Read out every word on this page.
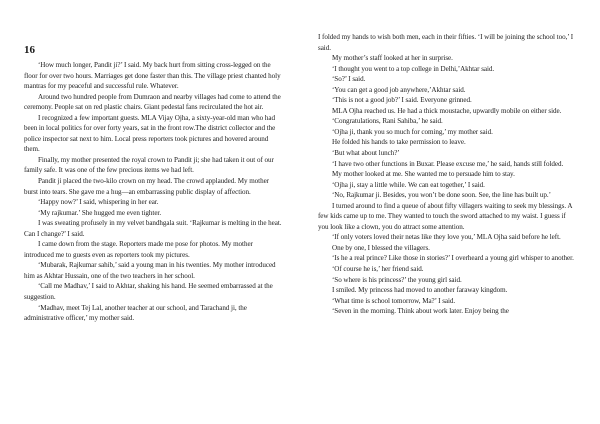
16

‘How much longer, Pandit ji?’ I said. My back hurt from sitting cross-legged on the floor for over two hours. Marriages get done faster than this. The village priest chanted holy mantras for my peaceful and successful rule. Whatever.

Around two hundred people from Dumraon and nearby villages had come to attend the ceremony. People sat on red plastic chairs. Giant pedestal fans recirculated the hot air.

I recognized a few important guests. MLA Vijay Ojha, a sixty-year-old man who had been in local politics for over forty years, sat in the front row.The district collector and the police inspector sat next to him. Local press reporters took pictures and hovered around them.

Finally, my mother presented the royal crown to Pandit ji; she had taken it out of our family safe. It was one of the few precious items we had left.

Pandit ji placed the two-kilo crown on my head. The crowd applauded. My mother burst into tears. She gave me a hug—an embarrassing public display of affection.

‘Happy now?’ I said, whispering in her ear.

‘My rajkumar.’ She hugged me even tighter.

I was sweating profusely in my velvet bandhgala suit. ‘Rajkumar is melting in the heat. Can I change?’ I said.

I came down from the stage. Reporters made me pose for photos. My mother introduced me to guests even as reporters took my pictures.

‘Mubarak, Rajkumar sahib,’ said a young man in his twenties. My mother introduced him as Akhtar Hussain, one of the two teachers in her school.

‘Call me Madhav,’ I said to Akhtar, shaking his hand. He seemed embarrassed at the suggestion.

‘Madhav, meet Tej Lal, another teacher at our school, and Tarachand ji, the administrative officer,’ my mother said.

I folded my hands to wish both men, each in their fifties. ‘I will be joining the school too,’ I said.

My mother’s staff looked at her in surprise.

‘I thought you went to a top college in Delhi,’Akhtar said.

‘So?’ I said.

‘You can get a good job anywhere,’Akhtar said.

‘This is not a good job?’ I said. Everyone grinned.

MLA Ojha reached us. He had a thick moustache, upwardly mobile on either side.

‘Congratulations, Rani Sahiba,’ he said.

‘Ojha ji, thank you so much for coming,’ my mother said.

He folded his hands to take permission to leave.

‘But what about lunch?’

‘I have two other functions in Buxar. Please excuse me,’ he said, hands still folded.

My mother looked at me. She wanted me to persuade him to stay.

‘Ojha ji, stay a little while. We can eat together,’ I said.

‘No, Rajkumar ji. Besides, you won’t be done soon. See, the line has built up.’

I turned around to find a queue of about fifty villagers waiting to seek my blessings. A few kids came up to me. They wanted to touch the sword attached to my waist. I guess if you look like a clown, you do attract some attention.

‘If only voters loved their netas like they love you,’ MLA Ojha said before he left.

One by one, I blessed the villagers.

‘Is he a real prince? Like those in stories?’ I overheard a young girl whisper to another.

‘Of course he is,’ her friend said.

‘So where is his princess?’ the young girl said.

I smiled. My princess had moved to another faraway kingdom.

‘What time is school tomorrow, Ma?’ I said.

‘Seven in the morning. Think about work later. Enjoy being the
